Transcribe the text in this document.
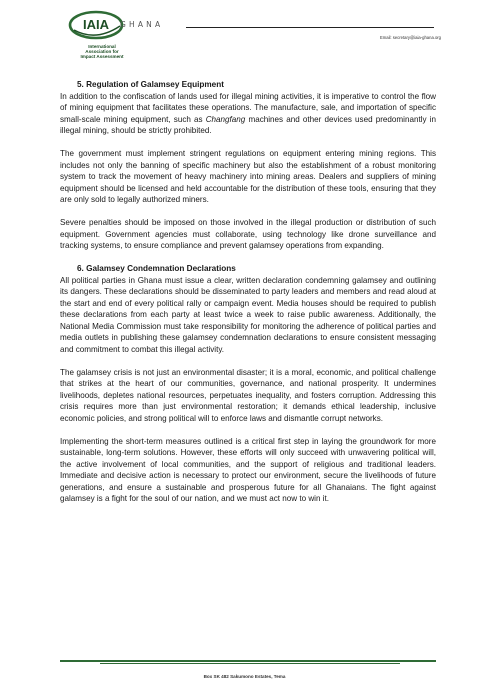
IAIA
International
Association for
Impact Assessment
GHANA
Email: secretary@iaia-ghana.org
5. Regulation of Galamsey Equipment

In addition to the confiscation of lands used for illegal mining activities, it is imperative to control the flow of mining equipment that facilitates these operations. The manufacture, sale, and importation of specific small-scale mining equipment, such as Changfang machines and other devices used predominantly in illegal mining, should be strictly prohibited.

The government must implement stringent regulations on equipment entering mining regions. This includes not only the banning of specific machinery but also the establishment of a robust monitoring system to track the movement of heavy machinery into mining areas. Dealers and suppliers of mining equipment should be licensed and held accountable for the distribution of these tools, ensuring that they are only sold to legally authorized miners.

Severe penalties should be imposed on those involved in the illegal production or distribution of such equipment. Government agencies must collaborate, using technology like drone surveillance and tracking systems, to ensure compliance and prevent galamsey operations from expanding.

6. Galamsey Condemnation Declarations

All political parties in Ghana must issue a clear, written declaration condemning galamsey and outlining its dangers. These declarations should be disseminated to party leaders and members and read aloud at the start and end of every political rally or campaign event. Media houses should be required to publish these declarations from each party at least twice a week to raise public awareness. Additionally, the National Media Commission must take responsibility for monitoring the adherence of political parties and media outlets in publishing these galamsey condemnation declarations to ensure consistent messaging and commitment to combat this illegal activity.

The galamsey crisis is not just an environmental disaster; it is a moral, economic, and political challenge that strikes at the heart of our communities, governance, and national prosperity. It undermines livelihoods, depletes national resources, perpetuates inequality, and fosters corruption. Addressing this crisis requires more than just environmental restoration; it demands ethical leadership, inclusive economic policies, and strong political will to enforce laws and dismantle corrupt networks.

Implementing the short-term measures outlined is a critical first step in laying the groundwork for more sustainable, long-term solutions. However, these efforts will only succeed with unwavering political will, the active involvement of local communities, and the support of religious and traditional leaders. Immediate and decisive action is necessary to protect our environment, secure the livelihoods of future generations, and ensure a sustainable and prosperous future for all Ghanaians. The fight against galamsey is a fight for the soul of our nation, and we must act now to win it.

Box SK 482 Sakumono Estates, Tema
